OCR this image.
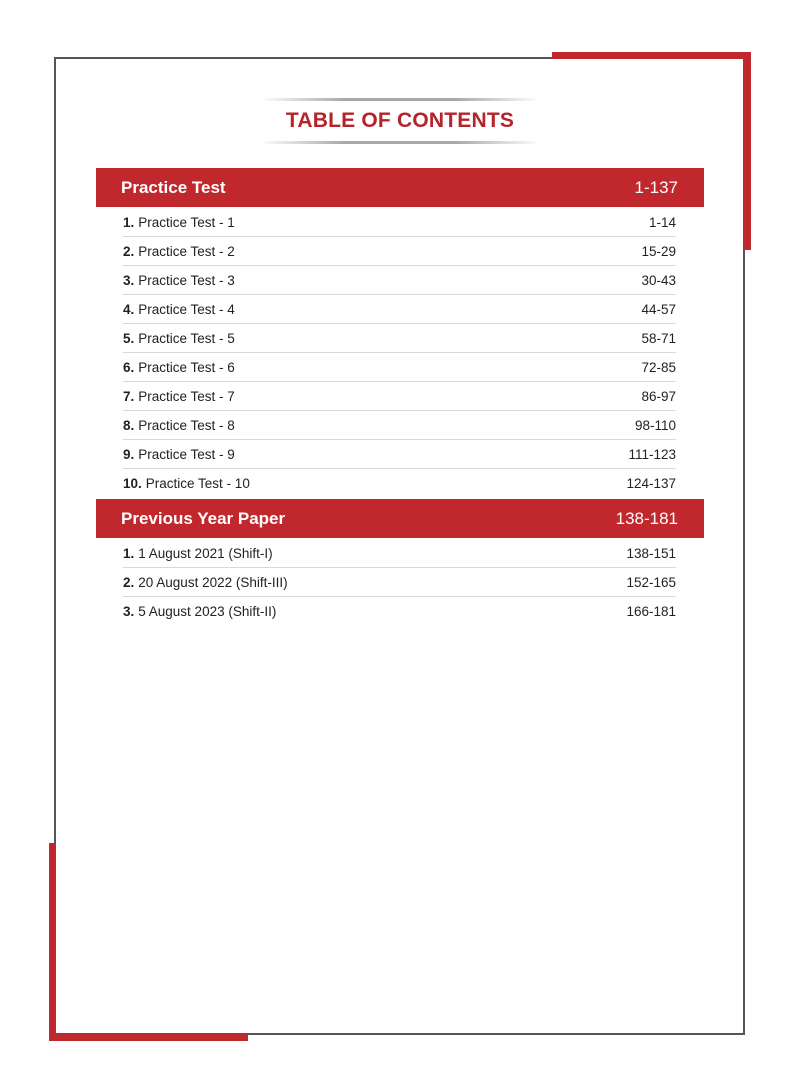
TABLE OF CONTENTS
Practice Test	1-137
1. Practice Test - 1	1-14
2. Practice Test - 2	15-29
3. Practice Test - 3	30-43
4. Practice Test - 4	44-57
5. Practice Test - 5	58-71
6. Practice Test - 6	72-85
7. Practice Test - 7	86-97
8. Practice Test - 8	98-110
9. Practice Test - 9	111-123
10. Practice Test - 10	124-137
Previous Year Paper	138-181
1. 1 August 2021 (Shift-I)	138-151
2. 20 August 2022 (Shift-III)	152-165
3. 5 August 2023 (Shift-II)	166-181
